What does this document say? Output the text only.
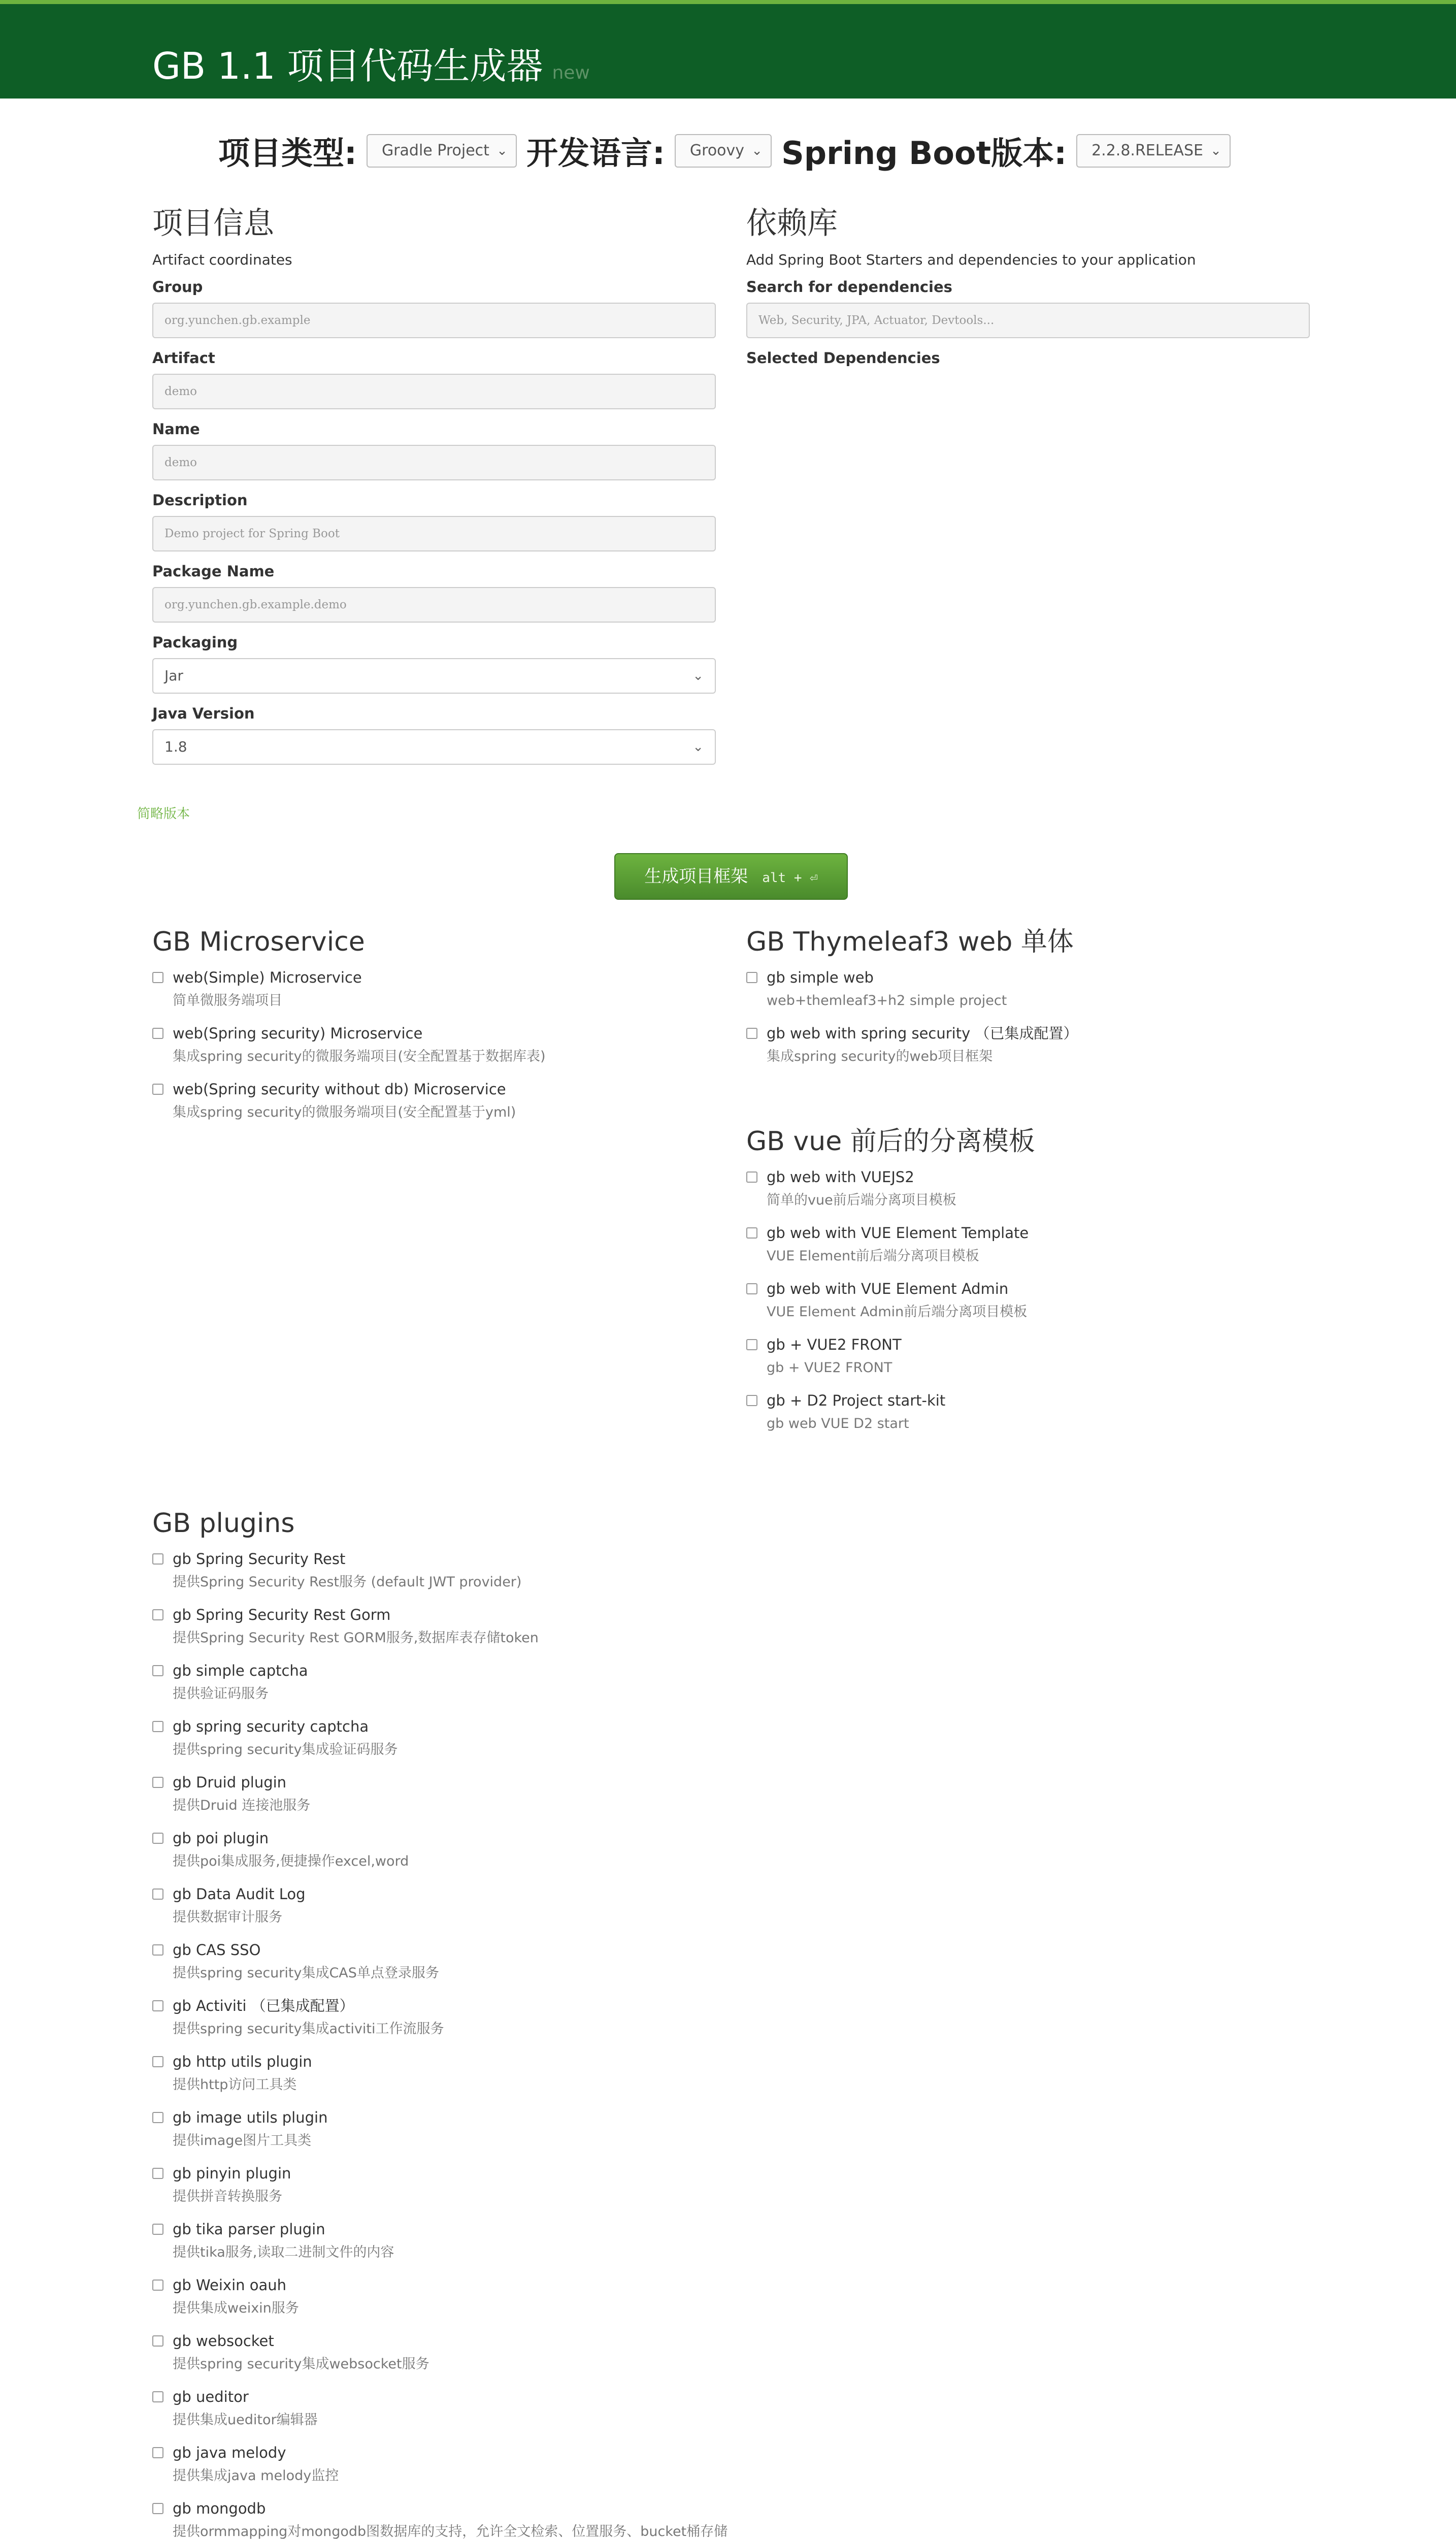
GB 1.1 项目代码生成器 new
项目类型: Gradle Project ⌄ 开发语言: Groovy ⌄ Spring Boot版本: 2.2.8.RELEASE ⌄
项目信息
Artifact coordinates
Group
org.yunchen.gb.example
Artifact
demo
Name
demo
Description
Demo project for Spring Boot
Package Name
org.yunchen.gb.example.demo
Packaging
Jar	⌄
Java Version
1.8	⌄
简略版本
依赖库
Add Spring Boot Starters and dependencies to your application
Search for dependencies
Web, Security, JPA, Actuator, Devtools...
Selected Dependencies
生成项目框架 alt + ⏎
GB Microservice
web(Simple) Microservice
简单微服务端项目
web(Spring security) Microservice
集成spring security的微服务端项目(安全配置基于数据库表)
web(Spring security without db) Microservice
集成spring security的微服务端项目(安全配置基于yml)
GB Thymeleaf3 web 单体
gb simple web
web+themleaf3+h2 simple project
gb web with spring security （已集成配置）
集成spring security的web项目框架
GB vue 前后的分离模板
gb web with VUEJS2
简单的vue前后端分离项目模板
gb web with VUE Element Template
VUE Element前后端分离项目模板
gb web with VUE Element Admin
VUE Element Admin前后端分离项目模板
gb + VUE2 FRONT
gb + VUE2 FRONT
gb + D2 Project start-kit
gb web VUE D2 start
GB plugins
gb Spring Security Rest
提供Spring Security Rest服务 (default JWT provider)
gb Spring Security Rest Gorm
提供Spring Security Rest GORM服务,数据库表存储token
gb simple captcha
提供验证码服务
gb spring security captcha
提供spring security集成验证码服务
gb Druid plugin
提供Druid 连接池服务
gb poi plugin
提供poi集成服务,便捷操作excel,word
gb Data Audit Log
提供数据审计服务
gb CAS SSO
提供spring security集成CAS单点登录服务
gb Activiti （已集成配置）
提供spring security集成activiti工作流服务
gb http utils plugin
提供http访问工具类
gb image utils plugin
提供image图片工具类
gb pinyin plugin
提供拼音转换服务
gb tika parser plugin
提供tika服务,读取二进制文件的内容
gb Weixin oauh
提供集成weixin服务
gb websocket
提供spring security集成websocket服务
gb ueditor
提供集成ueditor编辑器
gb java melody
提供集成java melody监控
gb mongodb
提供ormmapping对mongodb图数据库的支持，允许全文检索、位置服务、bucket桶存储
